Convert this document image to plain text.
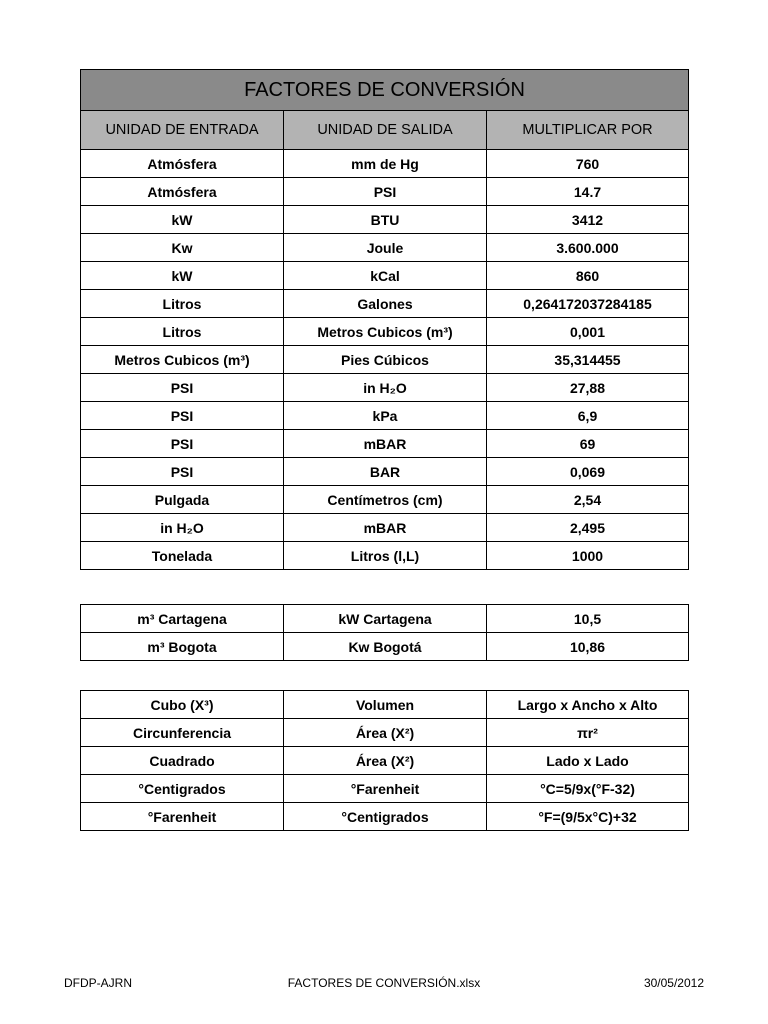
FACTORES DE CONVERSIÓN		
UNIDAD DE ENTRADA	UNIDAD DE SALIDA	MULTIPLICAR POR
Atmósfera	mm de Hg	760
Atmósfera	PSI	14.7
kW	BTU	3412
Kw	Joule	3.600.000
kW	kCal	860
Litros	Galones	0,264172037284185
Litros	Metros Cubicos (m³)	0,001
Metros Cubicos (m³)	Pies Cúbicos	35,314455
PSI	in H₂O	27,88
PSI	kPa	6,9
PSI	mBAR	69
PSI	BAR	0,069
Pulgada	Centímetros (cm)	2,54
in H₂O	mBAR	2,495
Tonelada	Litros (l,L)	1000
m³ Cartagena	kW Cartagena	10,5
m³ Bogota	Kw Bogotá	10,86
Cubo (X³)	Volumen	Largo x Ancho x Alto
Circunferencia	Área (X²)	πr²
Cuadrado	Área (X²)	Lado x Lado
°Centigrados	°Farenheit	°C=5/9x(°F-32)
°Farenheit	°Centigrados	°F=(9/5x°C)+32
DFDP-AJRN	FACTORES DE CONVERSIÓN.xlsx	30/05/2012
